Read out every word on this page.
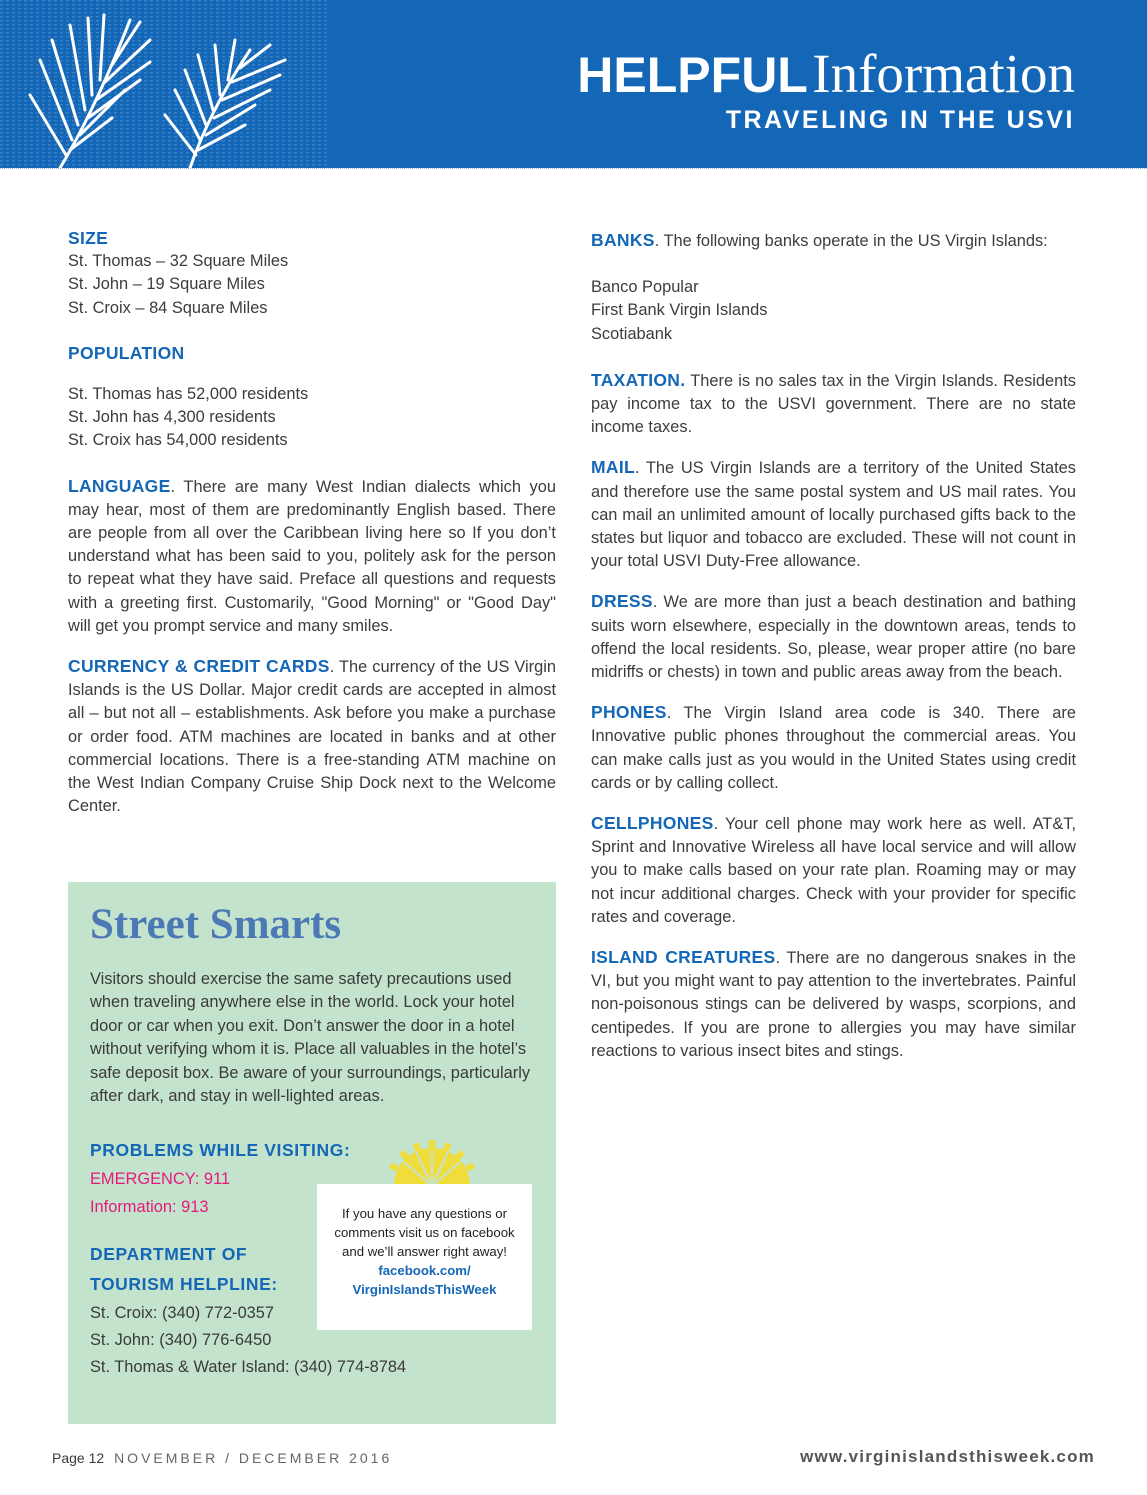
HELPFUL Information
TRAVELING IN THE USVI
SIZE
St. Thomas – 32 Square Miles
St. John – 19 Square Miles
St. Croix – 84 Square Miles
POPULATION
St. Thomas has 52,000 residents
St. John has 4,300 residents
St. Croix has 54,000 residents

LANGUAGE. There are many West Indian dialects which you may hear, most of them are predominantly English based. There are people from all over the Caribbean living here so If you don’t understand what has been said to you, politely ask for the person to repeat what they have said. Preface all questions and requests with a greeting first. Customarily, "Good Morning" or "Good Day" will get you prompt service and many smiles.

CURRENCY & CREDIT CARDS. The currency of the US Virgin Islands is the US Dollar. Major credit cards are accepted in almost all – but not all – establishments. Ask before you make a purchase or order food. ATM machines are located in banks and at other commercial locations. There is a free-standing ATM machine on the West Indian Company Cruise Ship Dock next to the Welcome Center.

BANKS. The following banks operate in the US Virgin Islands:

Banco Popular
First Bank Virgin Islands
Scotiabank

TAXATION. There is no sales tax in the Virgin Islands. Residents pay income tax to the USVI government. There are no state income taxes.

MAIL. The US Virgin Islands are a territory of the United States and therefore use the same postal system and US mail rates. You can mail an unlimited amount of locally purchased gifts back to the states but liquor and tobacco are excluded. These will not count in your total USVI Duty-Free allowance.

DRESS. We are more than just a beach destination and bathing suits worn elsewhere, especially in the downtown areas, tends to offend the local residents. So, please, wear proper attire (no bare midriffs or chests) in town and public areas away from the beach.

PHONES. The Virgin Island area code is 340. There are Innovative public phones throughout the commercial areas. You can make calls just as you would in the United States using credit cards or by calling collect.

CELLPHONES. Your cell phone may work here as well. AT&T, Sprint and Innovative Wireless all have local service and will allow you to make calls based on your rate plan. Roaming may or may not incur additional charges. Check with your provider for specific rates and coverage.

ISLAND CREATURES. There are no dangerous snakes in the VI, but you might want to pay attention to the invertebrates. Painful non-poisonous stings can be delivered by wasps, scorpions, and centipedes. If you are prone to allergies you may have similar reactions to various insect bites and stings.

Street Smarts
Visitors should exercise the same safety precautions used when traveling anywhere else in the world. Lock your hotel door or car when you exit. Don’t answer the door in a hotel without verifying whom it is. Place all valuables in the hotel’s safe deposit box. Be aware of your surroundings, particularly after dark, and stay in well-lighted areas.
PROBLEMS WHILE VISITING:
EMERGENCY: 911
Information: 913
DEPARTMENT OF
TOURISM HELPLINE:
St. Croix: (340) 772-0357
St. John: (340) 776-6450
St. Thomas & Water Island: (340) 774-8784
If you have any questions or
comments visit us on facebook
and we’ll answer right away!
facebook.com/
VirginIslandsThisWeek
Page 12 NOVEMBER / DECEMBER 2016	www.virginislandsthisweek.com
